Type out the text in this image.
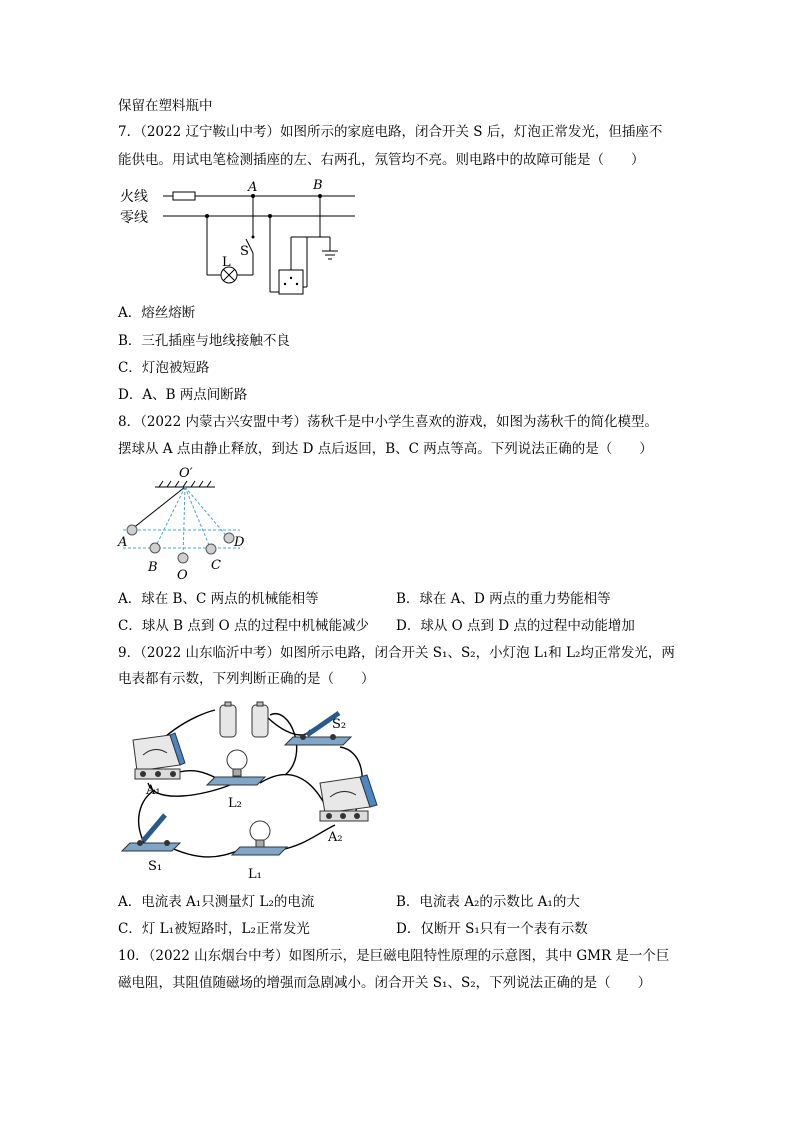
保留在塑料瓶中
7．（2022 辽宁鞍山中考）如图所示的家庭电路，闭合开关 S 后，灯泡正常发光，但插座不
能供电。用试电笔检测插座的左、右两孔，氖管均不亮。则电路中的故障可能是（　　）
火线
零线
A	B
S
L
A．熔丝熔断
B．三孔插座与地线接触不良
C．灯泡被短路
D．A、B 两点间断路
8．（2022 内蒙古兴安盟中考）荡秋千是中小学生喜欢的游戏，如图为荡秋千的简化模型。
摆球从 A 点由静止释放，到达 D 点后返回，B、C 两点等高。下列说法正确的是（　　）
O′
A
B
O
C
D
A．球在 B、C 两点的机械能相等	B．球在 A、D 两点的重力势能相等
C．球从 B 点到 O 点的过程中机械能减少 D．球从 O 点到 D 点的过程中动能增加
9．（2022 山东临沂中考）如图所示电路，闭合开关 S₁、S₂，小灯泡 L₁和 L₂均正常发光，两
电表都有示数，下列判断正确的是（　　）
A₁
L₂
A₂
S₂
S₁
L₁
A．电流表 A₁只测量灯 L₂的电流	B．电流表 A₂的示数比 A₁的大
C．灯 L₁被短路时，L₂正常发光	D．仅断开 S₁只有一个表有示数
10．（2022 山东烟台中考）如图所示，是巨磁电阻特性原理的示意图，其中 GMR 是一个巨
磁电阻，其阻值随磁场的增强而急剧减小。闭合开关 S₁、S₂，下列说法正确的是（　　）
